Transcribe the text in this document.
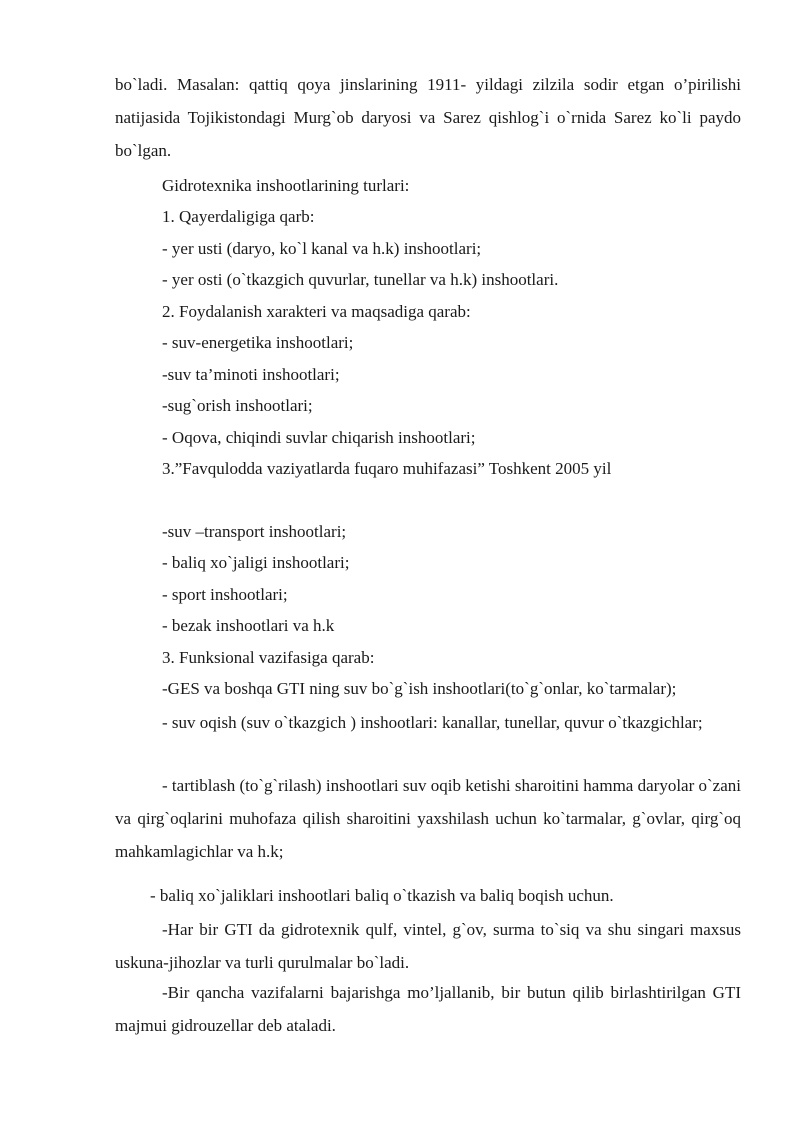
bo`ladi. Masalan: qattiq qoya jinslarining 1911- yildagi zilzila sodir etgan o’pirilishi natijasida Tojikistondagi Murg`ob daryosi va Sarez qishlog`i o`rnida Sarez ko`li paydo bo`lgan.

Gidrotexnika inshootlarining turlari:

1. Qayerdaligiga qarb:

- yer usti (daryo, ko`l kanal va h.k) inshootlari;

- yer osti (o`tkazgich quvurlar, tunellar va h.k) inshootlari.

2. Foydalanish xarakteri va maqsadiga qarab:

- suv-energetika inshootlari;

-suv ta’minoti inshootlari;

-sug`orish inshootlari;

- Oqova, chiqindi suvlar chiqarish inshootlari;

3.”Favqulodda vaziyatlarda fuqaro muhifazasi” Toshkent 2005 yil

-suv –transport inshootlari;

- baliq xo`jaligi inshootlari;

- sport inshootlari;

- bezak inshootlari va h.k

3. Funksional vazifasiga qarab:

-GES va boshqa GTI ning suv bo`g`ish inshootlari(to`g`onlar, ko`tarmalar);

- suv oqish (suv o`tkazgich ) inshootlari: kanallar, tunellar, quvur o`tkazgichlar;

- tartiblash (to`g`rilash) inshootlari suv oqib ketishi sharoitini hamma daryolar o`zani va qirg`oqlarini muhofaza qilish sharoitini yaxshilash uchun ko`tarmalar, g`ovlar, qirg`oq mahkamlagichlar va h.k;

- baliq xo`jaliklari inshootlari baliq o`tkazish va baliq boqish uchun.

-Har bir GTI da gidrotexnik qulf, vintel, g`ov, surma to`siq va shu singari maxsus uskuna-jihozlar va turli qurulmalar bo`ladi.

-Bir qancha vazifalarni bajarishga mo’ljallanib, bir butun qilib birlashtirilgan GTI majmui gidrouzellar deb ataladi.
